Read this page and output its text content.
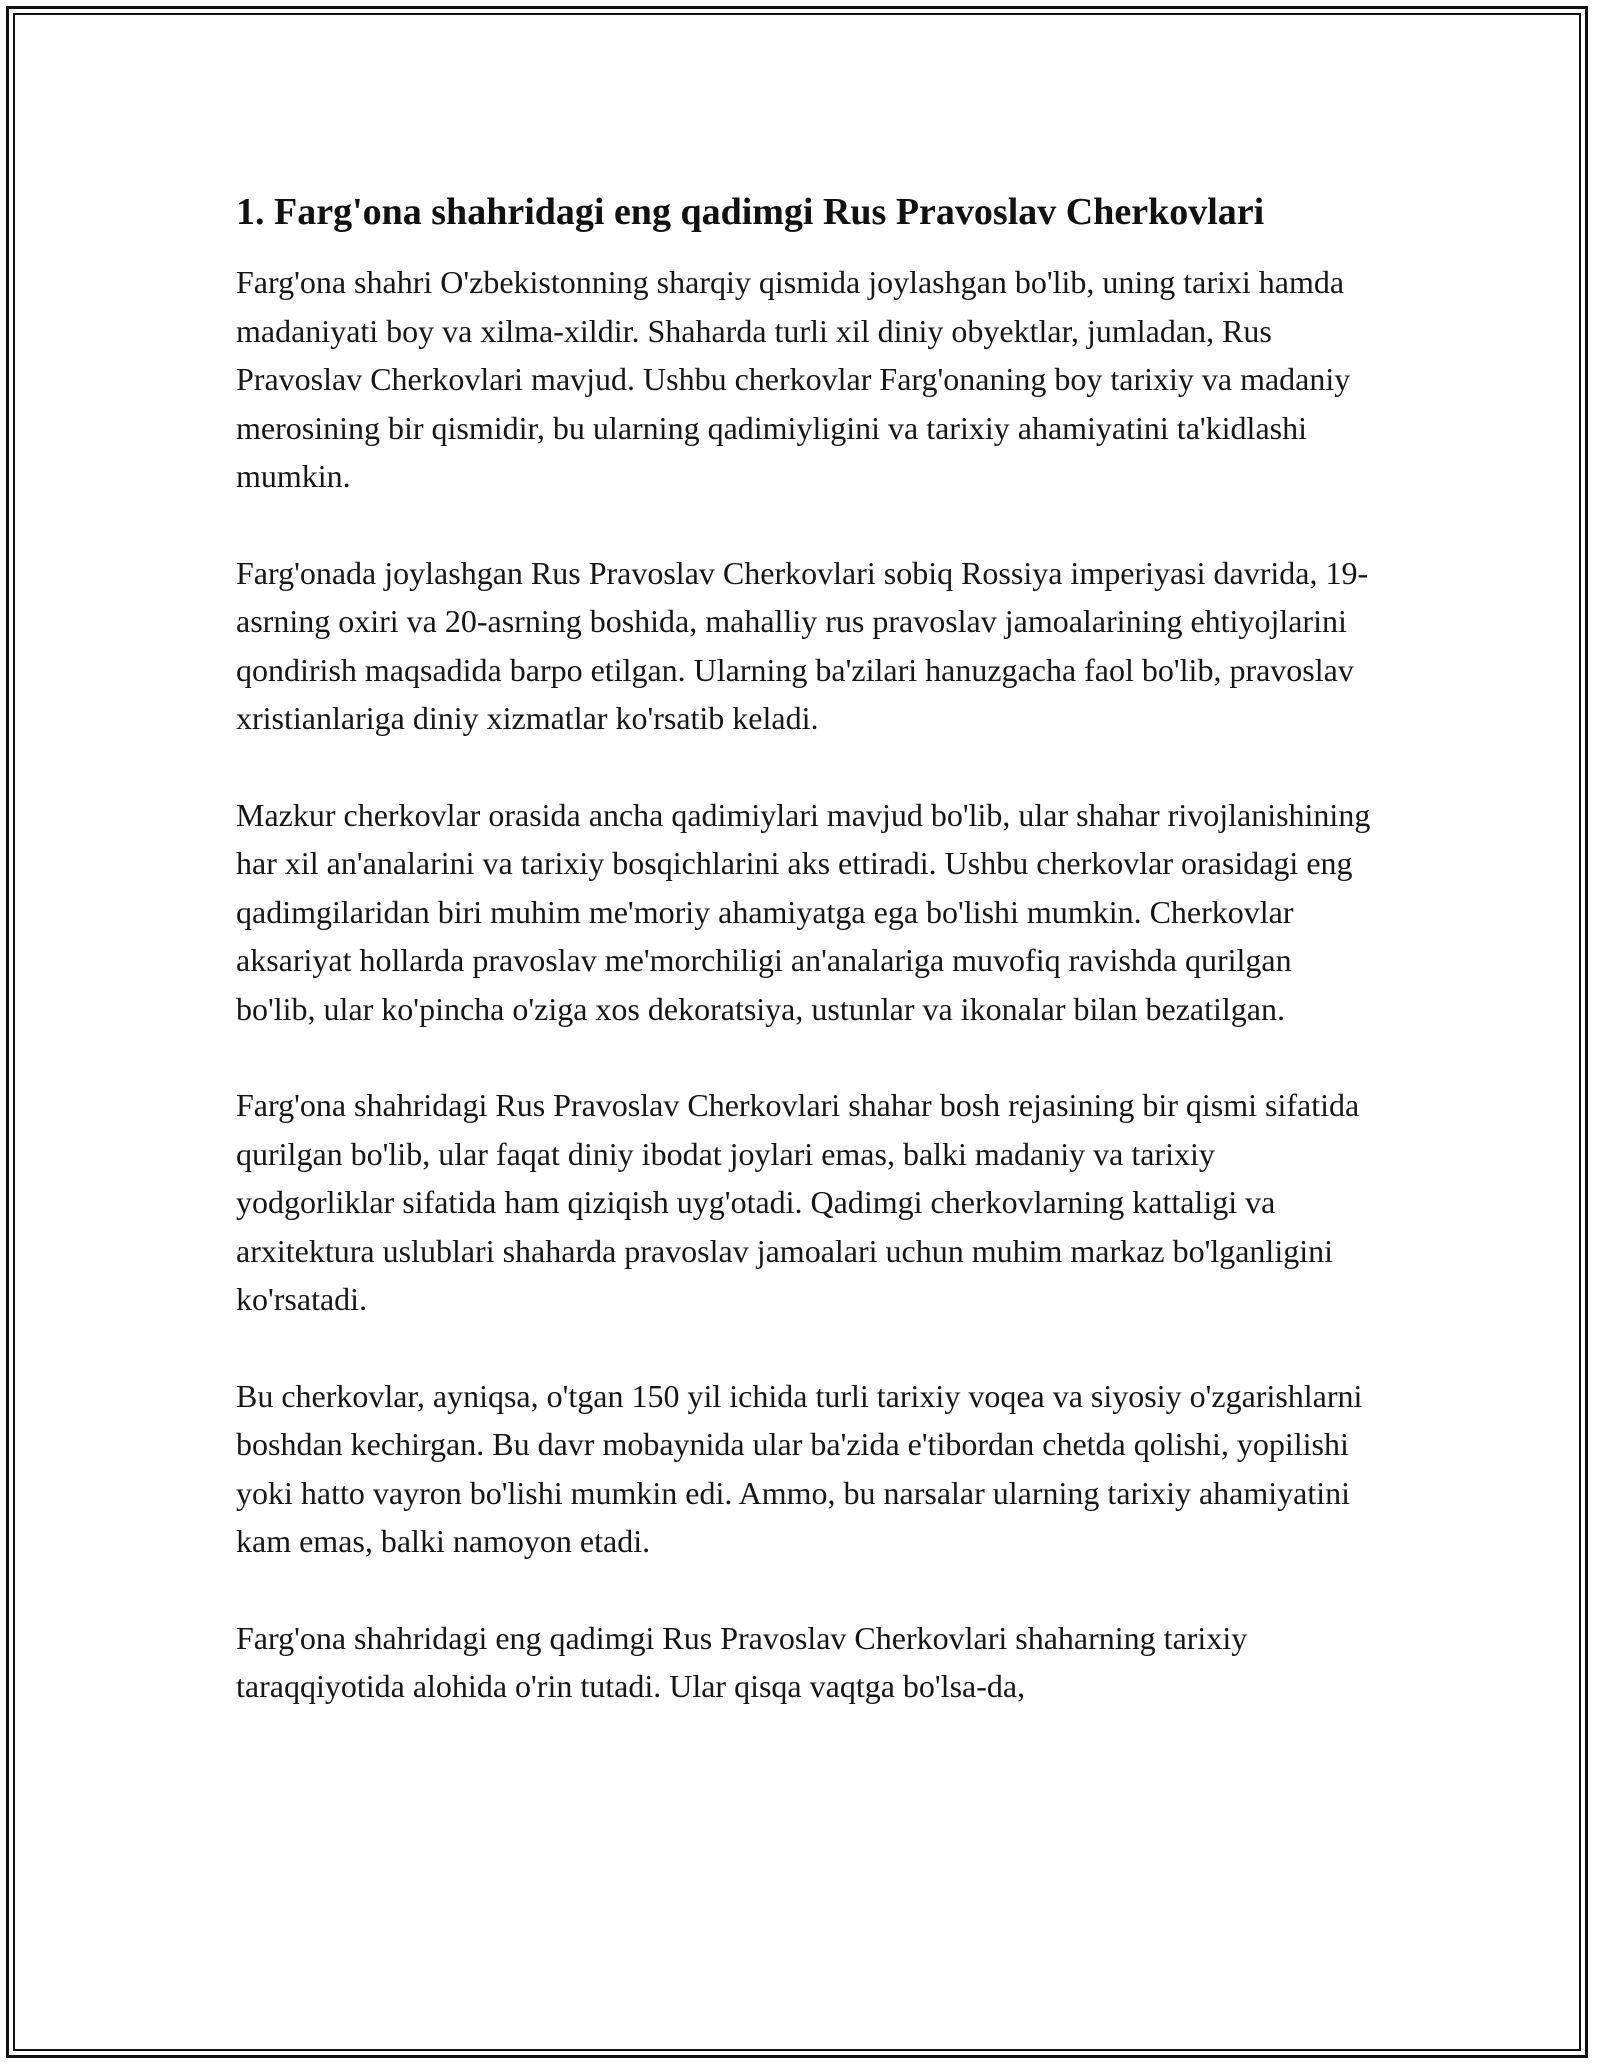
1. Farg'ona shahridagi eng qadimgi Rus Pravoslav Cherkovlari

Farg'ona shahri O'zbekistonning sharqiy qismida joylashgan bo'lib, uning tarixi hamda madaniyati boy va xilma-xildir. Shaharda turli xil diniy obyektlar, jumladan, Rus Pravoslav Cherkovlari mavjud. Ushbu cherkovlar Farg'onaning boy tarixiy va madaniy merosining bir qismidir, bu ularning qadimiyligini va tarixiy ahamiyatini ta'kidlashi mumkin.

Farg'onada joylashgan Rus Pravoslav Cherkovlari sobiq Rossiya imperiyasi davrida, 19-asrning oxiri va 20-asrning boshida, mahalliy rus pravoslav jamoalarining ehtiyojlarini qondirish maqsadida barpo etilgan. Ularning ba'zilari hanuzgacha faol bo'lib, pravoslav xristianlariga diniy xizmatlar ko'rsatib keladi.

Mazkur cherkovlar orasida ancha qadimiylari mavjud bo'lib, ular shahar rivojlanishining har xil an'analarini va tarixiy bosqichlarini aks ettiradi. Ushbu cherkovlar orasidagi eng qadimgilaridan biri muhim me'moriy ahamiyatga ega bo'lishi mumkin. Cherkovlar aksariyat hollarda pravoslav me'morchiligi an'analariga muvofiq ravishda qurilgan bo'lib, ular ko'pincha o'ziga xos dekoratsiya, ustunlar va ikonalar bilan bezatilgan.

Farg'ona shahridagi Rus Pravoslav Cherkovlari shahar bosh rejasining bir qismi sifatida qurilgan bo'lib, ular faqat diniy ibodat joylari emas, balki madaniy va tarixiy yodgorliklar sifatida ham qiziqish uyg'otadi. Qadimgi cherkovlarning kattaligi va arxitektura uslublari shaharda pravoslav jamoalari uchun muhim markaz bo'lganligini ko'rsatadi.

Bu cherkovlar, ayniqsa, o'tgan 150 yil ichida turli tarixiy voqea va siyosiy o'zgarishlarni boshdan kechirgan. Bu davr mobaynida ular ba'zida e'tibordan chetda qolishi, yopilishi yoki hatto vayron bo'lishi mumkin edi. Ammo, bu narsalar ularning tarixiy ahamiyatini kam emas, balki namoyon etadi.

Farg'ona shahridagi eng qadimgi Rus Pravoslav Cherkovlari shaharning tarixiy taraqqiyotida alohida o'rin tutadi. Ular qisqa vaqtga bo'lsa-da,
